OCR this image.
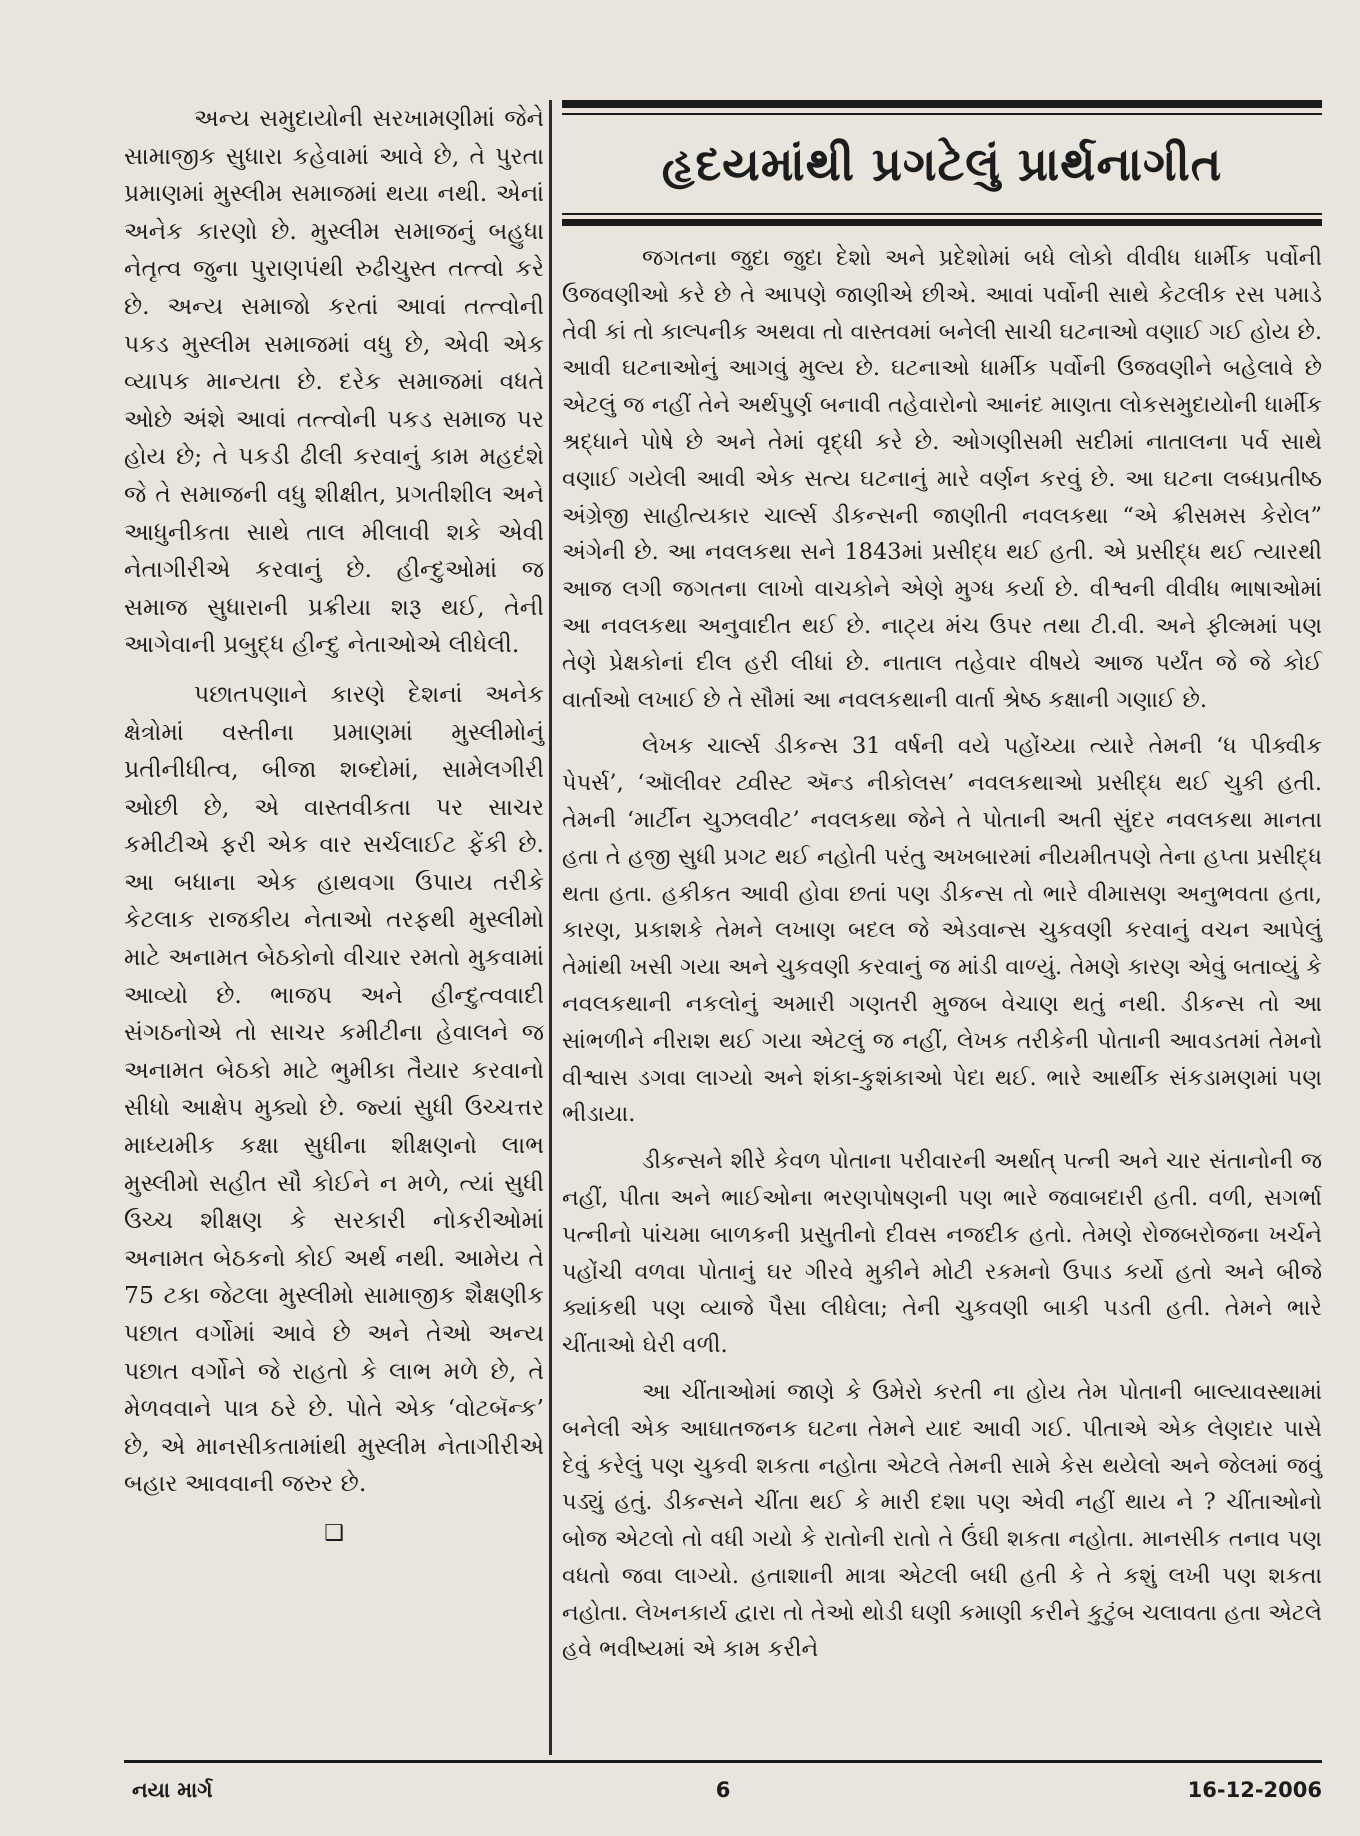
અન્ય સમુદાયોની સરખામણીમાં જેને સામાજીક સુધારા કહેવામાં આવે છે, તે પુરતા પ્રમાણમાં મુસ્લીમ સમાજમાં થયા નથી. એનાં અનેક કારણો છે. મુસ્લીમ સમાજનું બહુધા નેતૃત્વ જુના પુરાણપંથી રુઢીચુસ્ત તત્ત્વો કરે છે. અન્ય સમાજો કરતાં આવાં તત્ત્વોની પકડ મુસ્લીમ સમાજમાં વધુ છે, એવી એક વ્યાપક માન્યતા છે. દરેક સમાજમાં વધતે ઓછે અંશે આવાં તત્ત્વોની પકડ સમાજ પર હોય છે; તે પકડી ઢીલી કરવાનું કામ મહદંશે જે તે સમાજની વધુ શીક્ષીત, પ્રગતીશીલ અને આધુનીકતા સાથે તાલ મીલાવી શકે એવી નેતાગીરીએ કરવાનું છે. હીન્દુઓમાં જ સમાજ સુધારાની પ્રક્રીયા શરૂ થઈ, તેની આગેવાની પ્રબુદ્ધ હીન્દુ નેતાઓએ લીધેલી.

પછાતપણાને કારણે દેશનાં અનેક ક્ષેત્રોમાં વસ્તીના પ્રમાણમાં મુસ્લીમોનું પ્રતીનીધીત્વ, બીજા શબ્દોમાં, સામેલગીરી ઓછી છે, એ વાસ્તવીકતા પર સાચર કમીટીએ ફરી એક વાર સર્ચલાઈટ ફેંકી છે. આ બધાના એક હાથવગા ઉપાય તરીકે કેટલાક રાજકીય નેતાઓ તરફથી મુસ્લીમો માટે અનામત બેઠકોનો વીચાર રમતો મુકવામાં આવ્યો છે. ભાજપ અને હીન્દુત્વવાદી સંગઠનોએ તો સાચર કમીટીના હેવાલને જ અનામત બેઠકો માટે ભુમીકા તૈયાર કરવાનો સીધો આક્ષેપ મુક્યો છે. જ્યાં સુધી ઉચ્ચત્તર માધ્યમીક કક્ષા સુધીના શીક્ષણનો લાભ મુસ્લીમો સહીત સૌ કોઈને ન મળે, ત્યાં સુધી ઉચ્ચ શીક્ષણ કે સરકારી નોકરીઓમાં અનામત બેઠકનો કોઈ અર્થ નથી. આમેય તે 75 ટકા જેટલા મુસ્લીમો સામાજીક શૈક્ષણીક પછાત વર્ગોમાં આવે છે અને તેઓ અન્ય પછાત વર્ગોને જે રાહતો કે લાભ મળે છે, તે મેળવવાને પાત્ર ઠરે છે. પોતે એક ‘વોટબૅન્ક’ છે, એ માનસીકતામાંથી મુસ્લીમ નેતાગીરીએ બહાર આવવાની જરુર છે.

❑
હૃદયમાંથી પ્રગટેલું પ્રાર્થનાગીત

જગતના જુદા જુદા દેશો અને પ્રદેશોમાં બધે લોકો વીવીધ ધાર્મીક પર્વોની ઉજવણીઓ કરે છે તે આપણે જાણીએ છીએ. આવાં પર્વોની સાથે કેટલીક રસ પમાડે તેવી કાં તો કાલ્પનીક અથવા તો વાસ્તવમાં બનેલી સાચી ઘટનાઓ વણાઈ ગઈ હોય છે. આવી ઘટનાઓનું આગવું મુલ્ય છે. ઘટનાઓ ધાર્મીક પર્વોની ઉજવણીને બહેલાવે છે એટલું જ નહીં તેને અર્થપુર્ણ બનાવી તહેવારોનો આનંદ માણતા લોકસમુદાયોની ધાર્મીક શ્રદ્ધાને પોષે છે અને તેમાં વૃદ્ધી કરે છે. ઓગણીસમી સદીમાં નાતાલના પર્વ સાથે વણાઈ ગયેલી આવી એક સત્ય ઘટનાનું મારે વર્ણન કરવું છે. આ ઘટના લબ્ધપ્રતીષ્ઠ અંગ્રેજી સાહીત્યકાર ચાર્લ્સ ડીકન્સની જાણીતી નવલકથા “એ ક્રીસમસ કેરોલ” અંગેની છે. આ નવલકથા સને 1843માં પ્રસીદ્ધ થઈ હતી. એ પ્રસીદ્ધ થઈ ત્યારથી આજ લગી જગતના લાખો વાચકોને એણે મુગ્ધ કર્યા છે. વીશ્વની વીવીધ ભાષાઓમાં આ નવલકથા અનુવાદીત થઈ છે. નાટ્ય મંચ ઉપર તથા ટી.વી. અને ફીલ્મમાં પણ તેણે પ્રેક્ષકોનાં દીલ હરી લીધાં છે. નાતાલ તહેવાર વીષયે આજ પર્યંત જે જે કોઈ વાર્તાઓ લખાઈ છે તે સૌમાં આ નવલકથાની વાર્તા શ્રેષ્ઠ કક્ષાની ગણાઈ છે.

લેખક ચાર્લ્સ ડીકન્સ 31 વર્ષની વયે પહોંચ્યા ત્યારે તેમની ‘ધ પીક્વીક પેપર્સ’, ‘ઑલીવર ટ્વીસ્ટ ઍન્ડ નીકોલસ’ નવલકથાઓ પ્રસીદ્ધ થઈ ચુકી હતી. તેમની ‘માર્ટીન ચુઝલવીટ’ નવલકથા જેને તે પોતાની અતી સુંદર નવલકથા માનતા હતા તે હજી સુધી પ્રગટ થઈ નહોતી પરંતુ અખબારમાં નીયમીતપણે તેના હપ્તા પ્રસીદ્ધ થતા હતા. હકીકત આવી હોવા છતાં પણ ડીકન્સ તો ભારે વીમાસણ અનુભવતા હતા, કારણ, પ્રકાશકે તેમને લખાણ બદલ જે એડવાન્સ ચુકવણી કરવાનું વચન આપેલું તેમાંથી ખસી ગયા અને ચુકવણી કરવાનું જ માંડી વાળ્યું. તેમણે કારણ એવું બતાવ્યું કે નવલકથાની નકલોનું અમારી ગણતરી મુજબ વેચાણ થતું નથી. ડીકન્સ તો આ સાંભળીને નીરાશ થઈ ગયા એટલું જ નહીં, લેખક તરીકેની પોતાની આવડતમાં તેમનો વીશ્વાસ ડગવા લાગ્યો અને શંકા-કુશંકાઓ પેદા થઈ. ભારે આર્થીક સંકડામણમાં પણ ભીડાયા.

ડીકન્સને શીરે કેવળ પોતાના પરીવારની અર્થાત્ પત્ની અને ચાર સંતાનોની જ નહીં, પીતા અને ભાઈઓના ભરણપોષણની પણ ભારે જવાબદારી હતી. વળી, સગર્ભા પત્નીનો પાંચમા બાળકની પ્રસુતીનો દીવસ નજદીક હતો. તેમણે રોજબરોજના ખર્ચને પહોંચી વળવા પોતાનું ઘર ગીરવે મુકીને મોટી રકમનો ઉપાડ કર્યો હતો અને બીજે ક્યાંકથી પણ વ્યાજે પૈસા લીધેલા; તેની ચુકવણી બાકી પડતી હતી. તેમને ભારે ચીંતાઓ ઘેરી વળી.

આ ચીંતાઓમાં જાણે કે ઉમેરો કરતી ના હોય તેમ પોતાની બાલ્યાવસ્થામાં બનેલી એક આઘાતજનક ઘટના તેમને યાદ આવી ગઈ. પીતાએ એક લેણદાર પાસે દેવું કરેલું પણ ચુકવી શકતા નહોતા એટલે તેમની સામે કેસ થયેલો અને જેલમાં જવું પડ્યું હતું. ડીકન્સને ચીંતા થઈ કે મારી દશા પણ એવી નહીં થાય ને ? ચીંતાઓનો બોજ એટલો તો વધી ગયો કે રાતોની રાતો તે ઉંઘી શકતા નહોતા. માનસીક તનાવ પણ વધતો જવા લાગ્યો. હતાશાની માત્રા એટલી બધી હતી કે તે કશું લખી પણ શકતા નહોતા. લેખનકાર્ય દ્વારા તો તેઓ થોડી ઘણી કમાણી કરીને કુટુંબ ચલાવતા હતા એટલે હવે ભવીષ્યમાં એ કામ કરીને

નયા માર્ગ	6	16-12-2006
